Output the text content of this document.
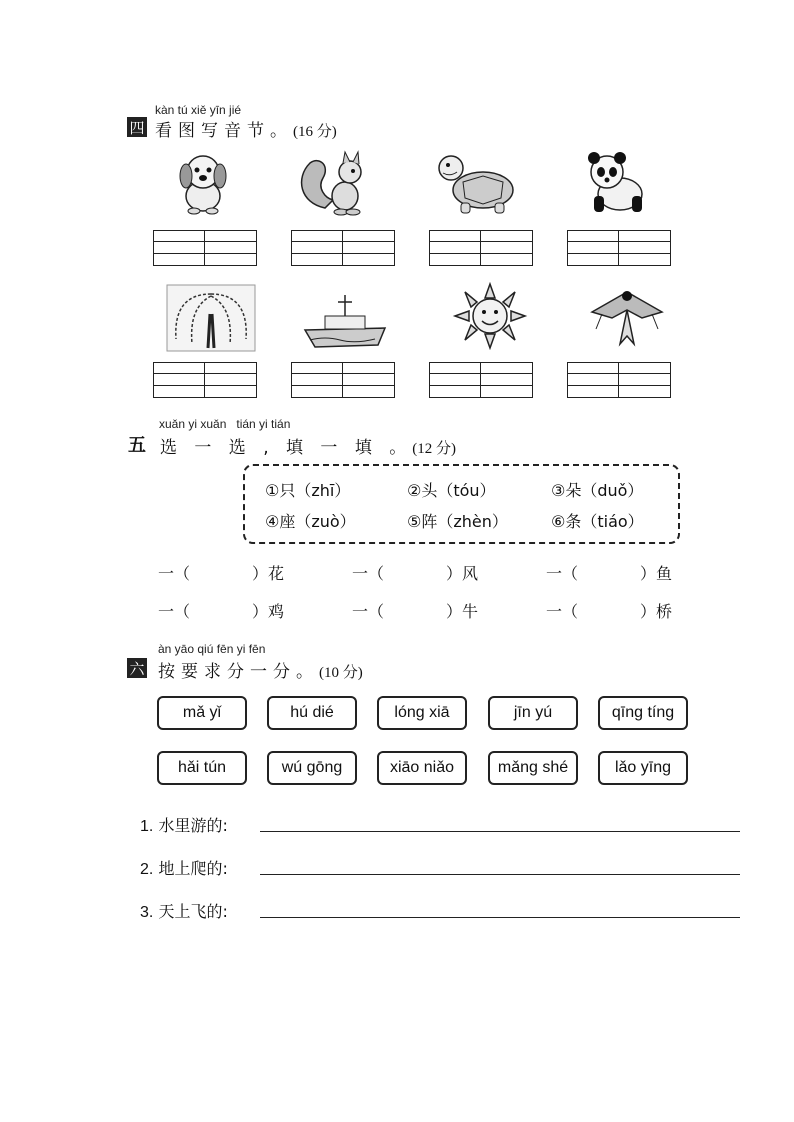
kàn tú xiě yīn jié
四 看图写音节。(16 分)
xuǎn yi xuǎn   tián yi tián
五 选 一 选 , 填 一 填 。(12 分)
①只（zhī）	②头（tóu）	③朵（duǒ）
④座（zuò）	⑤阵（zhèn）	⑥条（tiáo）
一（	）花	一（	）风	一（	）鱼
一（	）鸡	一（	）牛	一（	）桥
àn yāo qiú fēn yi fēn
六 按要求分一分。(10 分)
mǎ yǐ	hú dié	lóng xiā	jīn yú	qīng tíng
hǎi tún	wú gōng	xiāo niǎo	mǎng shé	lǎo yīng
1. 水里游的:
2. 地上爬的:
3. 天上飞的:
